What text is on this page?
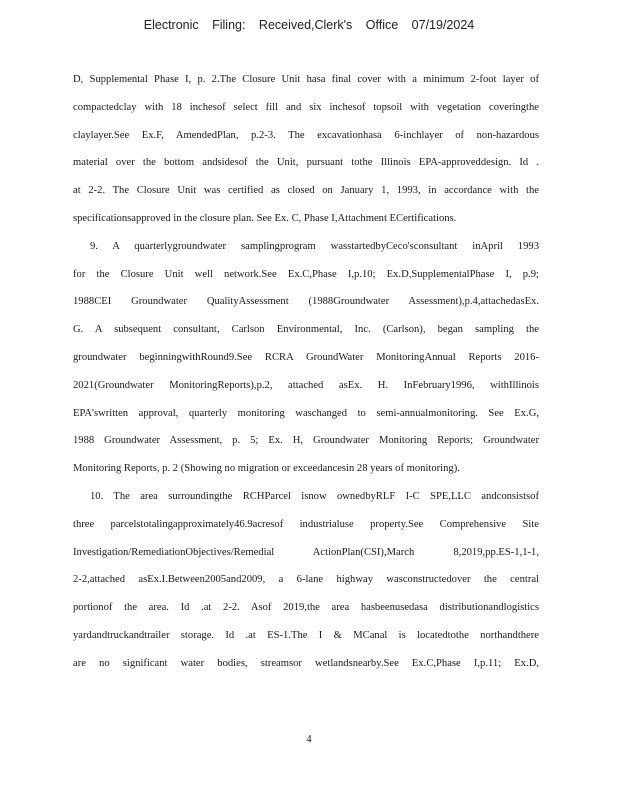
Electronic Filing: Received,Clerk's Office 07/19/2024
D, Supplemental Phase I, p. 2.The Closure Unit hasa final cover with a minimum 2-foot layer of
compactedclay with 18 inchesof select fill and six inchesof topsoil with vegetation coveringthe
claylayer.See Ex.F, AmendedPlan, p.2-3. The excavationhasa 6-inchlayer of non-hazardous
material over the bottom andsidesof the Unit, pursuant tothe Illinois EPA-approveddesign. Id .
at 2-2. The Closure Unit was certified as closed on January 1, 1993, in accordance with the
specificationsapproved in the closure plan. See Ex. C, Phase I,Attachment ECertifications.
9. A quarterlygroundwater samplingprogram wasstartedbyCeco'sconsultant inApril 1993
for the Closure Unit well network.See Ex.C,Phase I,p.10; Ex.D,SupplementalPhase I, p.9;
1988CEI Groundwater QualityAssessment (1988Groundwater Assessment),p.4,attachedasEx.
G. A subsequent consultant, Carlson Environmental, Inc. (Carlson), began sampling the
groundwater beginningwithRound9.See RCRA GroundWater MonitoringAnnual Reports 2016-
2021(Groundwater MonitoringReports),p.2, attached asEx. H. InFebruary1996, withIllinois
EPA'swritten approval, quarterly monitoring waschanged to semi-annualmonitoring. See Ex.G,
1988 Groundwater Assessment, p. 5; Ex. H, Groundwater Monitoring Reports; Groundwater
Monitoring Reports, p. 2 (Showing no migration or exceedancesin 28 years of monitoring).
10. The area surroundingthe RCHParcel isnow ownedbyRLF I-C SPE,LLC andconsistsof
three parcelstotalingapproximately46.9acresof industrialuse property.See Comprehensive Site
Investigation/RemediationObjectives/Remedial ActionPlan(CSI),March 8,2019,pp.ES-1,1-1,
2-2,attached asEx.I.Between2005and2009, a 6-lane highway wasconstructedover the central
portionof the area. Id .at 2-2. Asof 2019,the area hasbeenusedasa distributionandlogistics
yardandtruckandtrailer storage. Id .at ES-1.The I & MCanal is locatedtothe northandthere
are no significant water bodies, streamsor wetlandsnearby.See Ex.C,Phase I,p.11; Ex.D,
4
